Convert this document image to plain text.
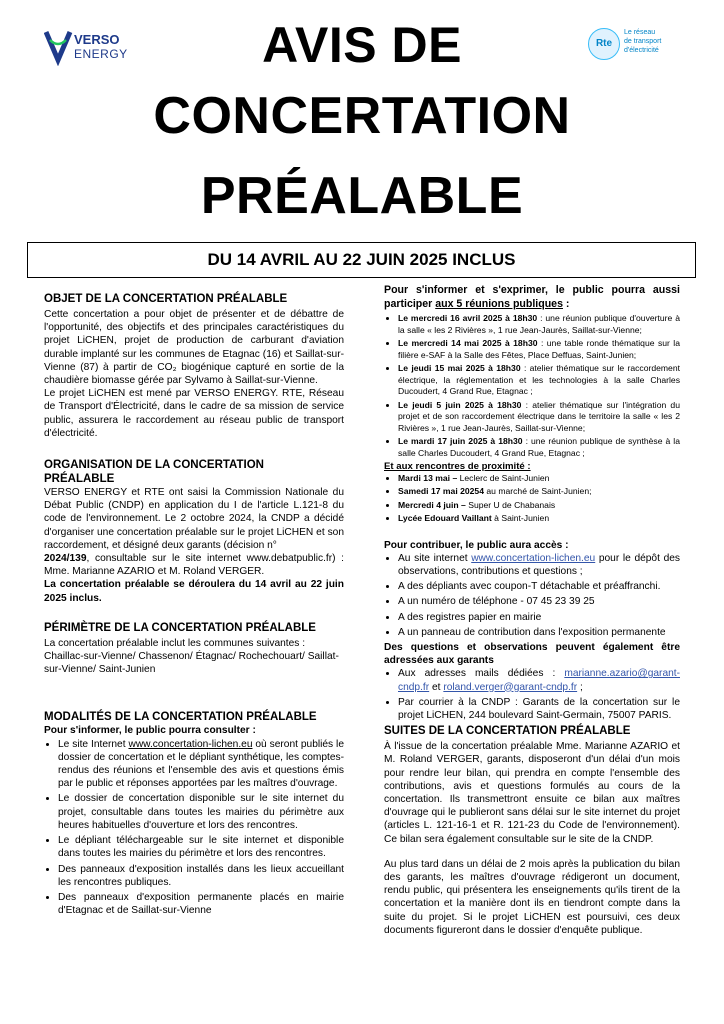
VERSO
ENERGY
Rte
Le réseau
de transport
d'électricité
AVIS DE
CONCERTATION
PRÉALABLE
DU 14 AVRIL AU 22 JUIN 2025 INCLUS
OBJET DE LA CONCERTATION PRÉALABLE

Cette concertation a pour objet de présenter et de débattre de l'opportunité, des objectifs et des principales caractéristiques du projet LiCHEN, projet de production de carburant d'aviation durable implanté sur les communes de Etagnac (16) et Saillat-sur-Vienne (87) à partir de CO₂ biogénique capturé en sortie de la chaudière biomasse gérée par Sylvamo à Saillat-sur-Vienne.

Le projet LiCHEN est mené par VERSO ENERGY. RTE, Réseau de Transport d'Électricité, dans le cadre de sa mission de service public, assurera le raccordement au réseau public de transport d'électricité.

ORGANISATION DE LA CONCERTATION
PRÉALABLE

VERSO ENERGY et RTE ont saisi la Commission Nationale du Débat Public (CNDP) en application du I de l'article L.121-8 du code de l'environnement. Le 2 octobre 2024, la CNDP a décidé d'organiser une concertation préalable sur le projet LiCHEN et son raccordement, et désigné deux garants (décision n°
2024/139, consultable sur le site internet www.debatpublic.fr) : Mme. Marianne AZARIO et M. Roland VERGER.

La concertation préalable se déroulera du 14 avril au 22 juin 2025 inclus.

PÉRIMÈTRE DE LA CONCERTATION PRÉALABLE

La concertation préalable inclut les communes suivantes : Chaillac-sur-Vienne/ Chassenon/ Étagnac/ Rochechouart/ Saillat-sur-Vienne/ Saint-Junien

MODALITÉS DE LA CONCERTATION PRÉALABLE

Pour s'informer, le public pourra consulter :

• Le site Internet www.concertation-lichen.eu où seront publiés le dossier de concertation et le dépliant synthétique, les comptes-rendus des réunions et l'ensemble des avis et questions émis par le public et réponses apportées par les maîtres d'ouvrage.
• Le dossier de concertation disponible sur le site internet du projet, consultable dans toutes les mairies du périmètre aux heures habituelles d'ouverture et lors des rencontres.
• Le dépliant téléchargeable sur le site internet et disponible dans toutes les mairies du périmètre et lors des rencontres.
• Des panneaux d'exposition installés dans les lieux accueillant les rencontres publiques.
• Des panneaux d'exposition permanente placés en mairie d'Etagnac et de Saillat-sur-Vienne

Pour s'informer et s'exprimer, le public pourra aussi participer aux 5 réunions publiques :

• Le mercredi 16 avril 2025 à 18h30 : une réunion publique d'ouverture à la salle « les 2 Rivières », 1 rue Jean-Jaurès, Saillat-sur-Vienne;
• Le mercredi 14 mai 2025 à 18h30 : une table ronde thématique sur la filière e-SAF à la Salle des Fêtes, Place Deffuas, Saint-Junien;
• Le jeudi 15 mai 2025 à 18h30 : atelier thématique sur le raccordement électrique, la réglementation et les technologies à la salle Charles Ducoudert, 4 Grand Rue, Etagnac ;
• Le jeudi 5 juin 2025 à 18h30 : atelier thématique sur l'intégration du projet et de son raccordement électrique dans le territoire la salle « les 2 Rivières », 1 rue Jean-Jaurès, Saillat-sur-Vienne;
• Le mardi 17 juin 2025 à 18h30 : une réunion publique de synthèse à la salle Charles Ducoudert, 4 Grand Rue, Etagnac ;

Et aux rencontres de proximité :

• Mardi 13 mai – Leclerc de Saint-Junien
• Samedi 17 mai 20254 au marché de Saint-Junien;
• Mercredi 4 juin – Super U de Chabanais
• Lycée Edouard Vaillant à Saint-Junien

Pour contribuer, le public aura accès :

• Au site internet www.concertation-lichen.eu pour le dépôt des observations, contributions et questions ;
• A des dépliants avec coupon-T détachable et préaffranchi.
• A un numéro de téléphone - 07 45 23 39 25
• A des registres papier en mairie
• A un panneau de contribution dans l'exposition permanente

Des questions et observations peuvent également être adressées aux garants

• Aux adresses mails dédiées : marianne.azario@garant-cndp.fr et roland.verger@garant-cndp.fr ;
• Par courrier à la CNDP : Garants de la concertation sur le projet LiCHEN, 244 boulevard Saint-Germain, 75007 PARIS.
SUITES DE LA CONCERTATION PRÉALABLE

À l'issue de la concertation préalable Mme. Marianne AZARIO et M. Roland VERGER, garants, disposeront d'un délai d'un mois pour rendre leur bilan, qui prendra en compte l'ensemble des contributions, avis et questions formulés au cours de la concertation. Ils transmettront ensuite ce bilan aux maîtres d'ouvrage qui le publieront sans délai sur le site internet du projet (articles L. 121-16-1 et R. 121-23 du Code de l'environnement). Ce bilan sera également consultable sur le site de la CNDP.

Au plus tard dans un délai de 2 mois après la publication du bilan des garants, les maîtres d'ouvrage rédigeront un document, rendu public, qui présentera les enseignements qu'ils tirent de la concertation et la manière dont ils en tiendront compte dans la suite du projet. Si le projet LiCHEN est poursuivi, ces deux documents figureront dans le dossier d'enquête publique.
